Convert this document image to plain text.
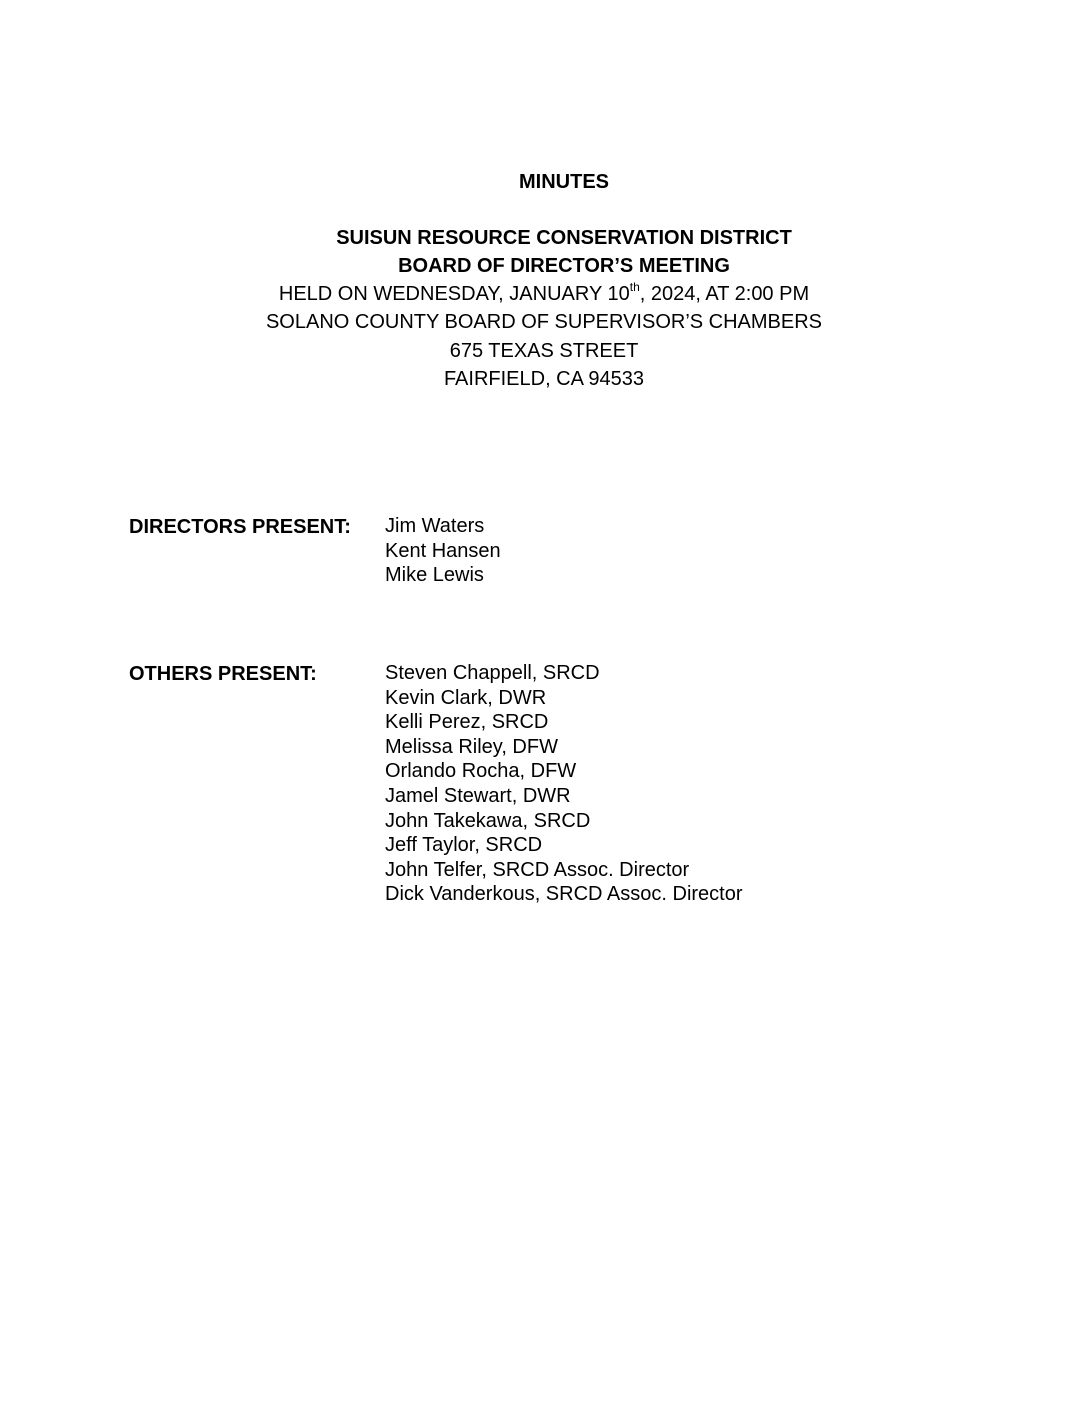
MINUTES
SUISUN RESOURCE CONSERVATION DISTRICT
BOARD OF DIRECTOR’S MEETING
HELD ON WEDNESDAY, JANUARY 10th, 2024, AT 2:00 PM
SOLANO COUNTY BOARD OF SUPERVISOR’S CHAMBERS
675 TEXAS STREET
FAIRFIELD, CA 94533
DIRECTORS PRESENT: Jim Waters
Kent Hansen
Mike Lewis
OTHERS PRESENT:	Steven Chappell, SRCD
Kevin Clark, DWR
Kelli Perez, SRCD
Melissa Riley, DFW
Orlando Rocha, DFW
Jamel Stewart, DWR
John Takekawa, SRCD
Jeff Taylor, SRCD
John Telfer, SRCD Assoc. Director
Dick Vanderkous, SRCD Assoc. Director
